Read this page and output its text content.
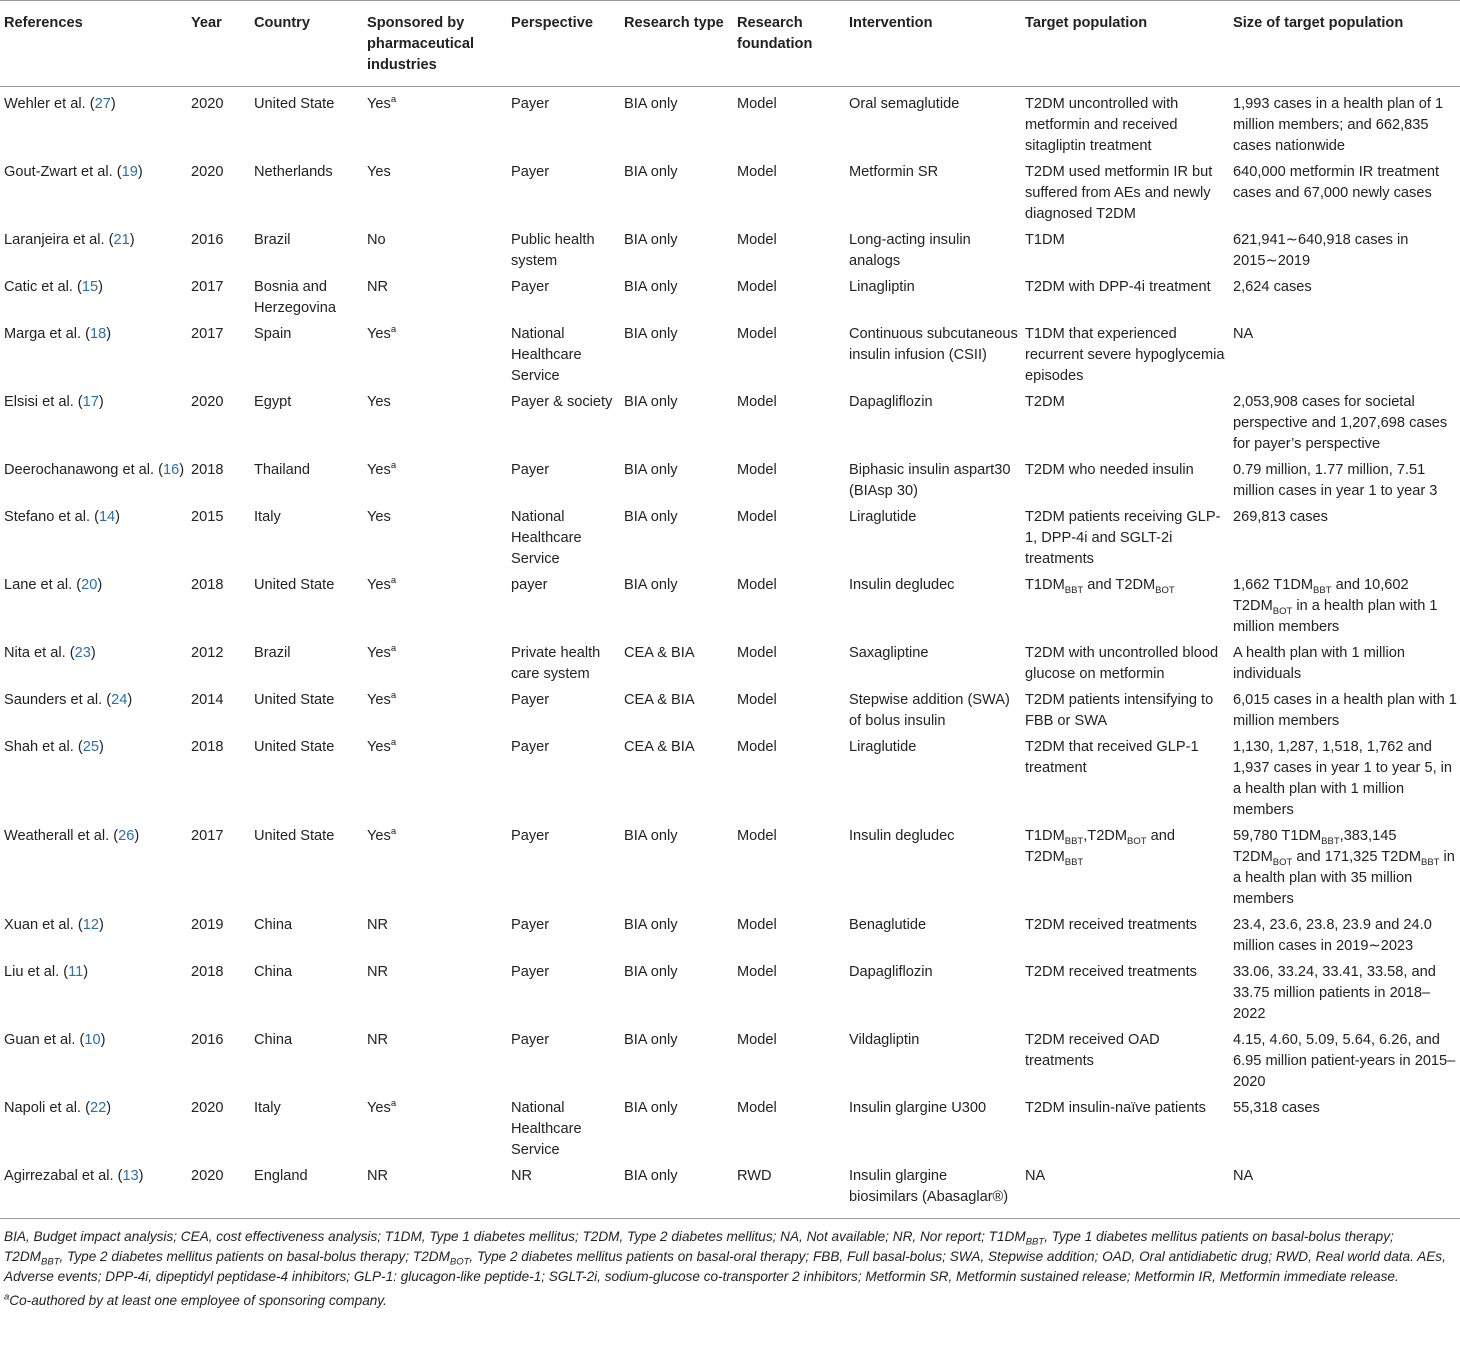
References	Year	Country	Sponsored by pharmaceutical industries	Perspective	Research type	Research foundation	Intervention	Target population	Size of target population
Wehler et al. (27)	2020	United State	Yes$^a$	Payer	BIA only	Model	Oral semaglutide	T2DM uncontrolled with metformin and received sitagliptin treatment	1,993 cases in a health plan of 1 million members; and 662,835 cases nationwide
Gout-Zwart et al. (19)	2020	Netherlands	Yes	Payer	BIA only	Model	Metformin SR	T2DM used metformin IR but suffered from AEs and newly diagnosed T2DM	640,000 metformin IR treatment cases and 67,000 newly cases
Laranjeira et al. (21)	2016	Brazil	No	Public health system	BIA only	Model	Long-acting insulin analogs	T1DM	621,941∼640,918 cases in 2015∼2019
Catic et al. (15)	2017	Bosnia and Herzegovina	NR	Payer	BIA only	Model	Linagliptin	T2DM with DPP-4i treatment	2,624 cases
Marga et al. (18)	2017	Spain	Yes$^a$	National Healthcare Service	BIA only	Model	Continuous subcutaneous insulin infusion (CSII)	T1DM that experienced recurrent severe hypoglycemia episodes	NA
Elsisi et al. (17)	2020	Egypt	Yes	Payer & society	BIA only	Model	Dapagliflozin	T2DM	2,053,908 cases for societal perspective and 1,207,698 cases for payer’s perspective
Deerochanawong et al. (16)	2018	Thailand	Yes$^a$	Payer	BIA only	Model	Biphasic insulin aspart30 (BIAsp 30)	T2DM who needed insulin	0.79 million, 1.77 million, 7.51 million cases in year 1 to year 3
Stefano et al. (14)	2015	Italy	Yes	National Healthcare Service	BIA only	Model	Liraglutide	T2DM patients receiving GLP-1, DPP-4i and SGLT-2i treatments	269,813 cases
Lane et al. (20)	2018	United State	Yes$^a$	payer	BIA only	Model	Insulin degludec	$T1DM_{BBT}$ and $T2DM_{BOT}$	1,662 $T1DM_{BBT}$ and 10,602 $T2DM_{BOT}$ in a health plan with 1 million members
Nita et al. (23)	2012	Brazil	Yes$^a$	Private health care system	CEA & BIA	Model	Saxagliptine	T2DM with uncontrolled blood glucose on metformin	A health plan with 1 million individuals
Saunders et al. (24)	2014	United State	Yes$^a$	Payer	CEA & BIA	Model	Stepwise addition (SWA) of bolus insulin	T2DM patients intensifying to FBB or SWA	6,015 cases in a health plan with 1 million members
Shah et al. (25)	2018	United State	Yes$^a$	Payer	CEA & BIA	Model	Liraglutide	T2DM that received GLP-1 treatment	1,130, 1,287, 1,518, 1,762 and 1,937 cases in year 1 to year 5, in a health plan with 1 million members
Weatherall et al. (26)	2017	United State	Yes$^a$	Payer	BIA only	Model	Insulin degludec	$T1DM_{BBT},T2DM_{BOT}$ and $T2DM_{BBT}$	59,780 $T1DM_{BBT},383,145$ $T2DM_{BOT}$ and 171,325 $T2DM_{BBT}$ in a health plan with 35 million members
Xuan et al. (12)	2019	China	NR	Payer	BIA only	Model	Benaglutide	T2DM received treatments	23.4, 23.6, 23.8, 23.9 and 24.0 million cases in 2019∼2023
Liu et al. (11)	2018	China	NR	Payer	BIA only	Model	Dapagliflozin	T2DM received treatments	33.06, 33.24, 33.41, 33.58, and 33.75 million patients in 2018–2022
Guan et al. (10)	2016	China	NR	Payer	BIA only	Model	Vildagliptin	T2DM received OAD treatments	4.15, 4.60, 5.09, 5.64, 6.26, and 6.95 million patient-years in 2015–2020
Napoli et al. (22)	2020	Italy	Yes$^a$	National Healthcare Service	BIA only	Model	Insulin glargine U300	T2DM insulin-naïve patients	55,318 cases
Agirrezabal et al. (13)	2020	England	NR	NR	BIA only	RWD	Insulin glargine biosimilars (Abasaglar®)	NA	NA

BIA, Budget impact analysis; CEA, cost effectiveness analysis; T1DM, Type 1 diabetes mellitus; T2DM, Type 2 diabetes mellitus; NA, Not available; NR, Nor report; $T1DM_{BBT}$, Type 1 diabetes mellitus patients on basal-bolus therapy; $T2DM_{BBT}$, Type 2 diabetes mellitus patients on basal-bolus therapy; $T2DM_{BOT}$, Type 2 diabetes mellitus patients on basal-oral therapy; FBB, Full basal-bolus; SWA, Stepwise addition; OAD, Oral antidiabetic drug; RWD, Real world data. AEs, Adverse events; DPP-4i, dipeptidyl peptidase-4 inhibitors; GLP-1: glucagon-like peptide-1; SGLT-2i, sodium-glucose co-transporter 2 inhibitors; Metformin SR, Metformin sustained release; Metformin IR, Metformin immediate release.

$^a$Co-authored by at least one employee of sponsoring company.
